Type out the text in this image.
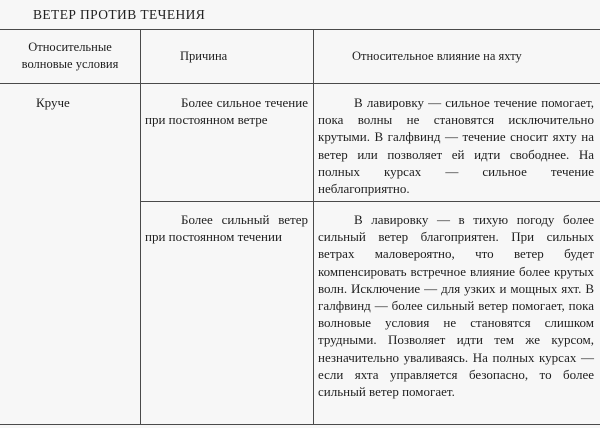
ВЕТЕР ПРОТИВ ТЕЧЕНИЯ
Относительные волновые условия
Причина	Относительное влияние на яхту
Круче	Более сильное течение при постоянном ветре
В лавировку — сильное течение помогает, пока волны не становятся исключительно крутыми. В галфвинд — течение сносит яхту на ветер или позволяет ей идти свободнее. На полных курсах — сильное течение неблагоприятно.
Более сильный ветер при постоянном течении
В лавировку — в тихую погоду более сильный ветер благоприятен. При сильных ветрах маловероятно, что ветер будет компенсировать встречное влияние более крутых волн. Исключение — для узких и мощных яхт. В галфвинд — более сильный ветер помогает, пока волновые условия не становятся слишком трудными. Позволяет идти тем же курсом, незначительно уваливаясь. На полных курсах — если яхта управляется безопасно, то более сильный ветер помогает.
